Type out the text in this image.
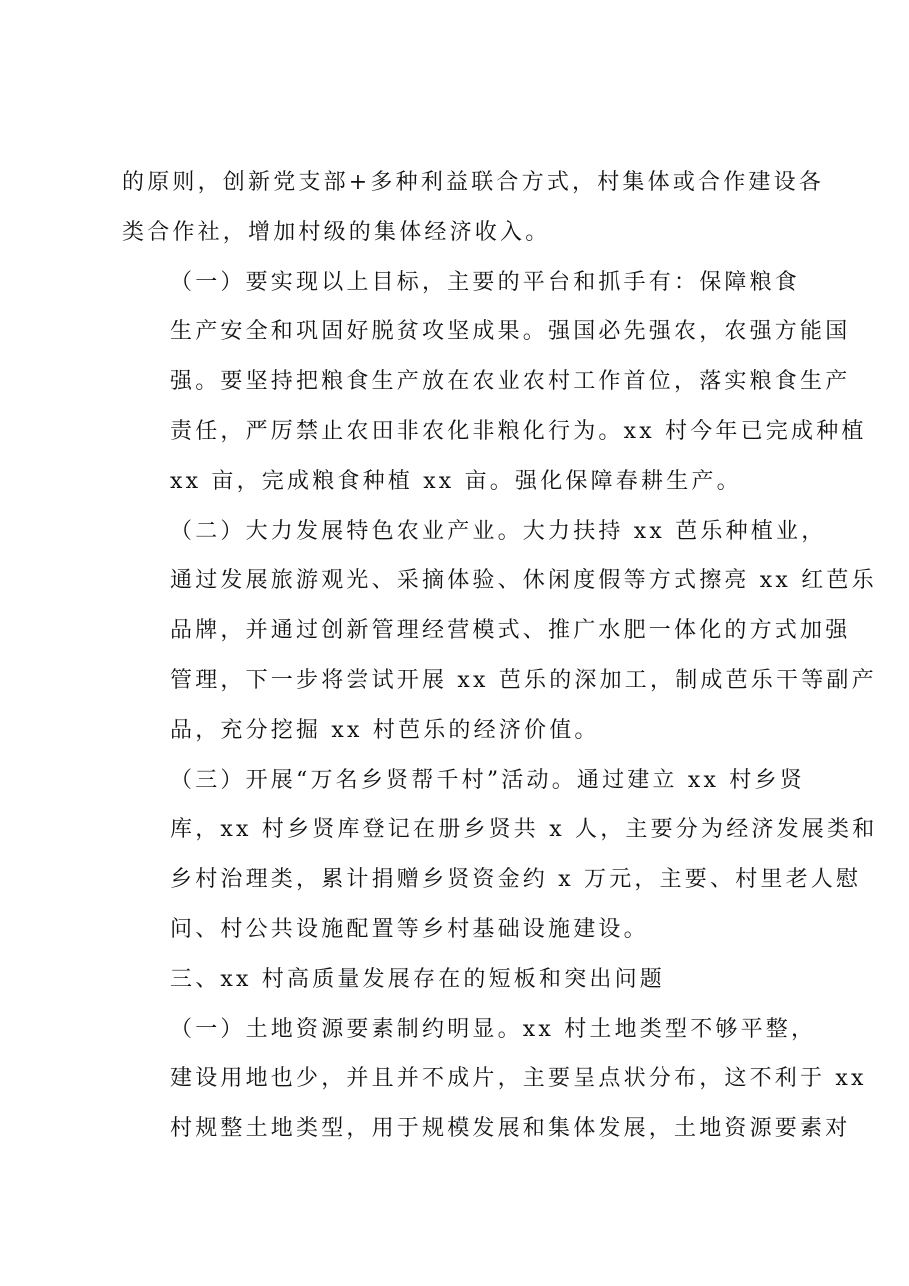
的原则，创新党支部+多种利益联合方式，村集体或合作建设各
类合作社，增加村级的集体经济收入。

（一）要实现以上目标，主要的平台和抓手有：保障粮食
生产安全和巩固好脱贫攻坚成果。强国必先强农，农强方能国
强。要坚持把粮食生产放在农业农村工作首位，落实粮食生产
责任，严厉禁止农田非农化非粮化行为。xx 村今年已完成种植
xx 亩，完成粮食种植 xx 亩。强化保障春耕生产。

（二）大力发展特色农业产业。大力扶持 xx 芭乐种植业，
通过发展旅游观光、采摘体验、休闲度假等方式擦亮 xx 红芭乐
品牌，并通过创新管理经营模式、推广水肥一体化的方式加强
管理，下一步将尝试开展 xx 芭乐的深加工，制成芭乐干等副产
品，充分挖掘 xx 村芭乐的经济价值。

（三）开展“万名乡贤帮千村”活动。通过建立 xx 村乡贤
库，xx 村乡贤库登记在册乡贤共 x 人，主要分为经济发展类和
乡村治理类，累计捐赠乡贤资金约 x 万元，主要、村里老人慰
问、村公共设施配置等乡村基础设施建设。

三、xx 村高质量发展存在的短板和突出问题

（一）土地资源要素制约明显。xx 村土地类型不够平整，
建设用地也少，并且并不成片，主要呈点状分布，这不利于 xx
村规整土地类型，用于规模发展和集体发展，土地资源要素对
